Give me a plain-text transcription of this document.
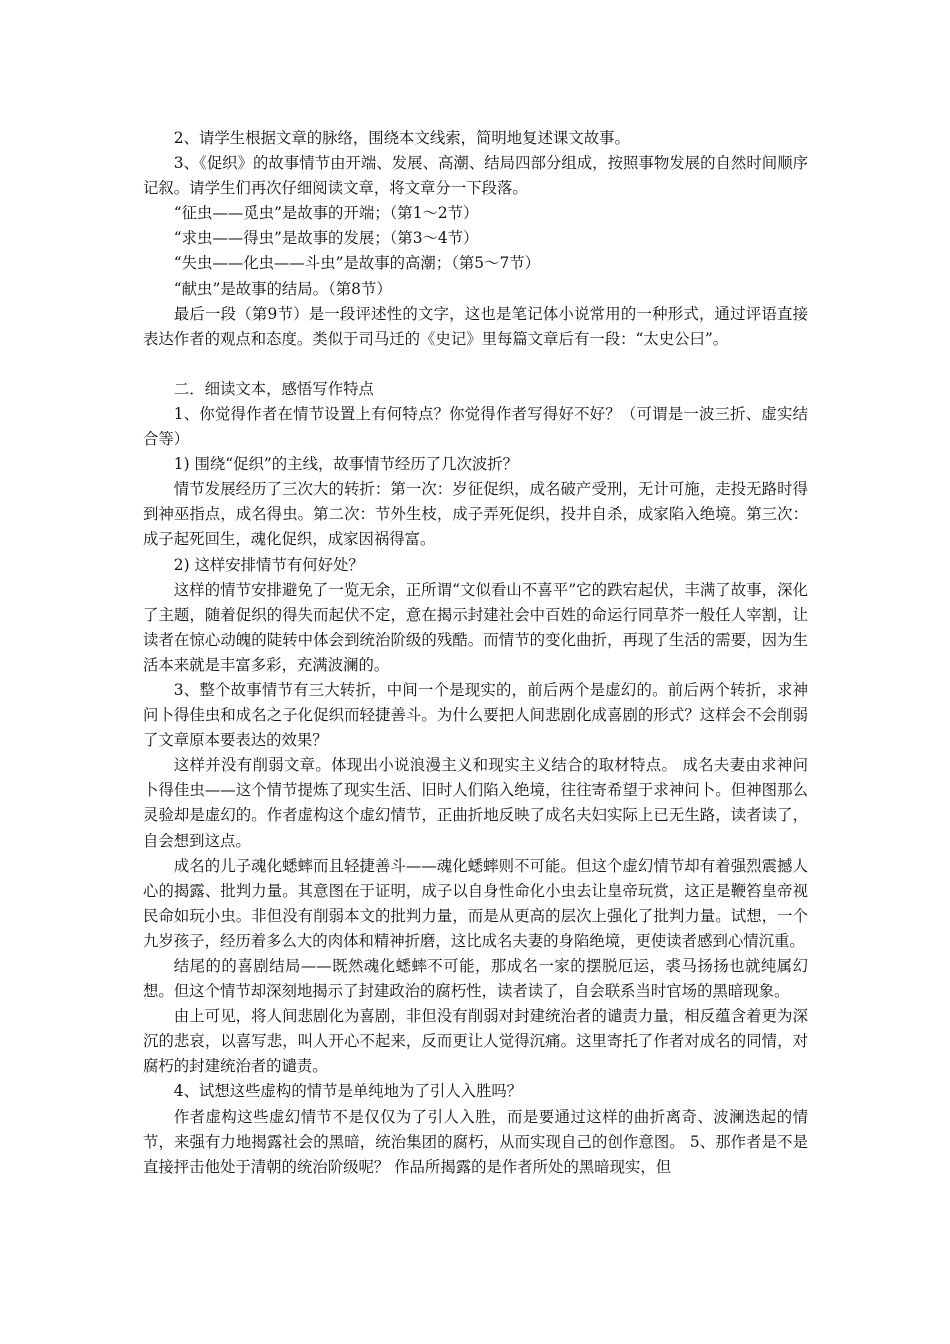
2、请学生根据文章的脉络，围绕本文线索，简明地复述课文故事。

3、《促织》的故事情节由开端、发展、高潮、结局四部分组成，按照事物发展的自然时间顺序记叙。请学生们再次仔细阅读文章，将文章分一下段落。

“征虫——觅虫”是故事的开端；（第1～2节）

“求虫——得虫”是故事的发展；（第3～4节）

“失虫——化虫——斗虫”是故事的高潮；（第5～7节）

“献虫”是故事的结局。（第8节）

最后一段（第9节）是一段评述性的文字，这也是笔记体小说常用的一种形式，通过评语直接表达作者的观点和态度。类似于司马迁的《史记》里每篇文章后有一段：“太史公曰”。

二．细读文本，感悟写作特点

1、你觉得作者在情节设置上有何特点？你觉得作者写得好不好？（可谓是一波三折、虚实结合等）

1) 围绕“促织”的主线，故事情节经历了几次波折？

情节发展经历了三次大的转折：第一次：岁征促织，成名破产受刑，无计可施，走投无路时得到神巫指点，成名得虫。第二次：节外生枝，成子弄死促织，投井自杀，成家陷入绝境。第三次：成子起死回生，魂化促织，成家因祸得富。

2) 这样安排情节有何好处？

这样的情节安排避免了一览无余，正所谓“文似看山不喜平”它的跌宕起伏，丰满了故事，深化了主题，随着促织的得失而起伏不定，意在揭示封建社会中百姓的命运行同草芥一般任人宰割，让读者在惊心动魄的陡转中体会到统治阶级的残酷。而情节的变化曲折，再现了生活的需要，因为生活本来就是丰富多彩，充满波澜的。

3、整个故事情节有三大转折，中间一个是现实的，前后两个是虚幻的。前后两个转折，求神问卜得佳虫和成名之子化促织而轻捷善斗。为什么要把人间悲剧化成喜剧的形式？这样会不会削弱了文章原本要表达的效果？

这样并没有削弱文章。体现出小说浪漫主义和现实主义结合的取材特点。 成名夫妻由求神问卜得佳虫——这个情节提炼了现实生活、旧时人们陷入绝境，往往寄希望于求神问卜。但神图那么灵验却是虚幻的。作者虚构这个虚幻情节，正曲折地反映了成名夫妇实际上已无生路，读者读了，自会想到这点。

成名的儿子魂化蟋蟀而且轻捷善斗——魂化蟋蟀则不可能。但这个虚幻情节却有着强烈震撼人心的揭露、批判力量。其意图在于证明，成子以自身性命化小虫去让皇帝玩赏，这正是鞭笞皇帝视民命如玩小虫。非但没有削弱本文的批判力量，而是从更高的层次上强化了批判力量。试想，一个九岁孩子，经历着多么大的肉体和精神折磨，这比成名夫妻的身陷绝境，更使读者感到心情沉重。

结尾的的喜剧结局——既然魂化蟋蟀不可能，那成名一家的摆脱厄运，裘马扬扬也就纯属幻想。但这个情节却深刻地揭示了封建政治的腐朽性，读者读了，自会联系当时官场的黑暗现象。

由上可见，将人间悲剧化为喜剧，非但没有削弱对封建统治者的谴责力量，相反蕴含着更为深沉的悲哀，以喜写悲，叫人开心不起来，反而更让人觉得沉痛。这里寄托了作者对成名的同情，对腐朽的封建统治者的谴责。

4、试想这些虚构的情节是单纯地为了引人入胜吗？

作者虚构这些虚幻情节不是仅仅为了引人入胜，而是要通过这样的曲折离奇、波澜迭起的情节，来强有力地揭露社会的黑暗，统治集团的腐朽，从而实现自己的创作意图。 5、那作者是不是直接抨击他处于清朝的统治阶级呢？ 作品所揭露的是作者所处的黑暗现实，但
